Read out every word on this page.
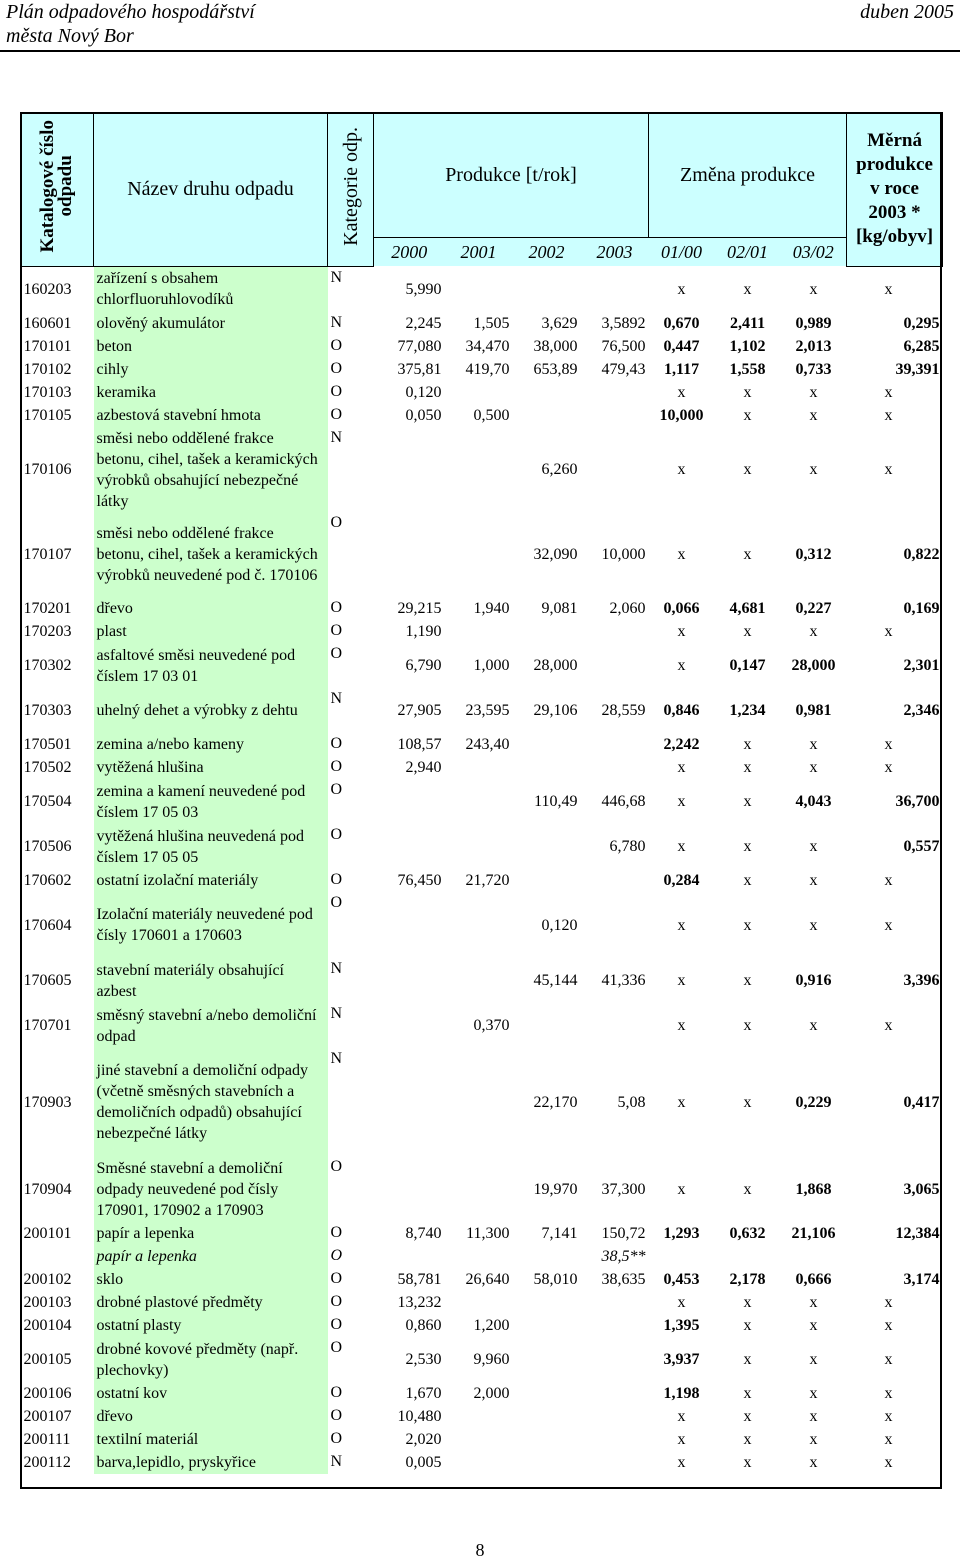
Plán odpadového hospodářství
města Nový Bor
duben 2005
Katalogové číslo odpadu	Název druhu odpadu	Kategorie odp.	Produkce [t/rok]				Změna produkce			Měrná produkce v roce 2003 * [kg/obyv]
			2000	2001	2002	2003	01/00	02/01	03/02	
160203	zařízení s obsahem chlorfluoruhlovodíků	N	5,990				x	x	x	x
160601	olověný akumulátor	N	2,245	1,505	3,629	3,5892	0,670	2,411	0,989	0,295
170101	beton	O	77,080	34,470	38,000	76,500	0,447	1,102	2,013	6,285
170102	cihly	O	375,81	419,70	653,89	479,43	1,117	1,558	0,733	39,391
170103	keramika	O	0,120				x	x	x	x
170105	azbestová stavební hmota	O	0,050	0,500			10,000	x	x	x
170106	směsi nebo oddělené frakce betonu, cihel, tašek a keramických výrobků obsahující nebezpečné látky	N			6,260		x	x	x	x
170107	směsi nebo oddělené frakce betonu, cihel, tašek a keramických výrobků neuvedené pod č. 170106	O			32,090	10,000	x	x	0,312	0,822
170201	dřevo	O	29,215	1,940	9,081	2,060	0,066	4,681	0,227	0,169
170203	plast	O	1,190				x	x	x	x
170302	asfaltové směsi neuvedené pod číslem 17 03 01	O	6,790	1,000	28,000		x	0,147	28,000	2,301
170303	uhelný dehet a výrobky z dehtu	N	27,905	23,595	29,106	28,559	0,846	1,234	0,981	2,346
170501	zemina a/nebo kameny	O	108,57	243,40			2,242	x	x	x
170502	vytěžená hlušina	O	2,940				x	x	x	x
170504	zemina a kamení neuvedené pod číslem 17 05 03	O			110,49	446,68	x	x	4,043	36,700
170506	vytěžená hlušina neuvedená pod číslem 17 05 05	O				6,780	x	x	x	0,557
170602	ostatní izolační materiály	O	76,450	21,720			0,284	x	x	x
170604	Izolační materiály neuvedené pod čísly 170601 a 170603	O			0,120		x	x	x	x
170605	stavební materiály obsahující azbest	N			45,144	41,336	x	x	0,916	3,396
170701	směsný stavební a/nebo demoliční odpad	N		0,370			x	x	x	x
170903	jiné stavební a demoliční odpady (včetně směsných stavebních a demoličních odpadů) obsahující nebezpečné látky	N			22,170	5,08	x	x	0,229	0,417
170904	Směsné stavební a demoliční odpady neuvedené pod čísly 170901, 170902 a 170903	O			19,970	37,300	x	x	1,868	3,065
200101	papír a lepenka	O	8,740	11,300	7,141	150,72	1,293	0,632	21,106	12,384
	papír a lepenka	O				38,5**				
200102	sklo	O	58,781	26,640	58,010	38,635	0,453	2,178	0,666	3,174
200103	drobné plastové předměty	O	13,232				x	x	x	x
200104	ostatní plasty	O	0,860	1,200			1,395	x	x	x
200105	drobné kovové předměty (např. plechovky)	O	2,530	9,960			3,937	x	x	x
200106	ostatní kov	O	1,670	2,000			1,198	x	x	x
200107	dřevo	O	10,480				x	x	x	x
200111	textilní materiál	O	2,020				x	x	x	x
200112	barva,lepidlo, pryskyřice	N	0,005				x	x	x	x
8
